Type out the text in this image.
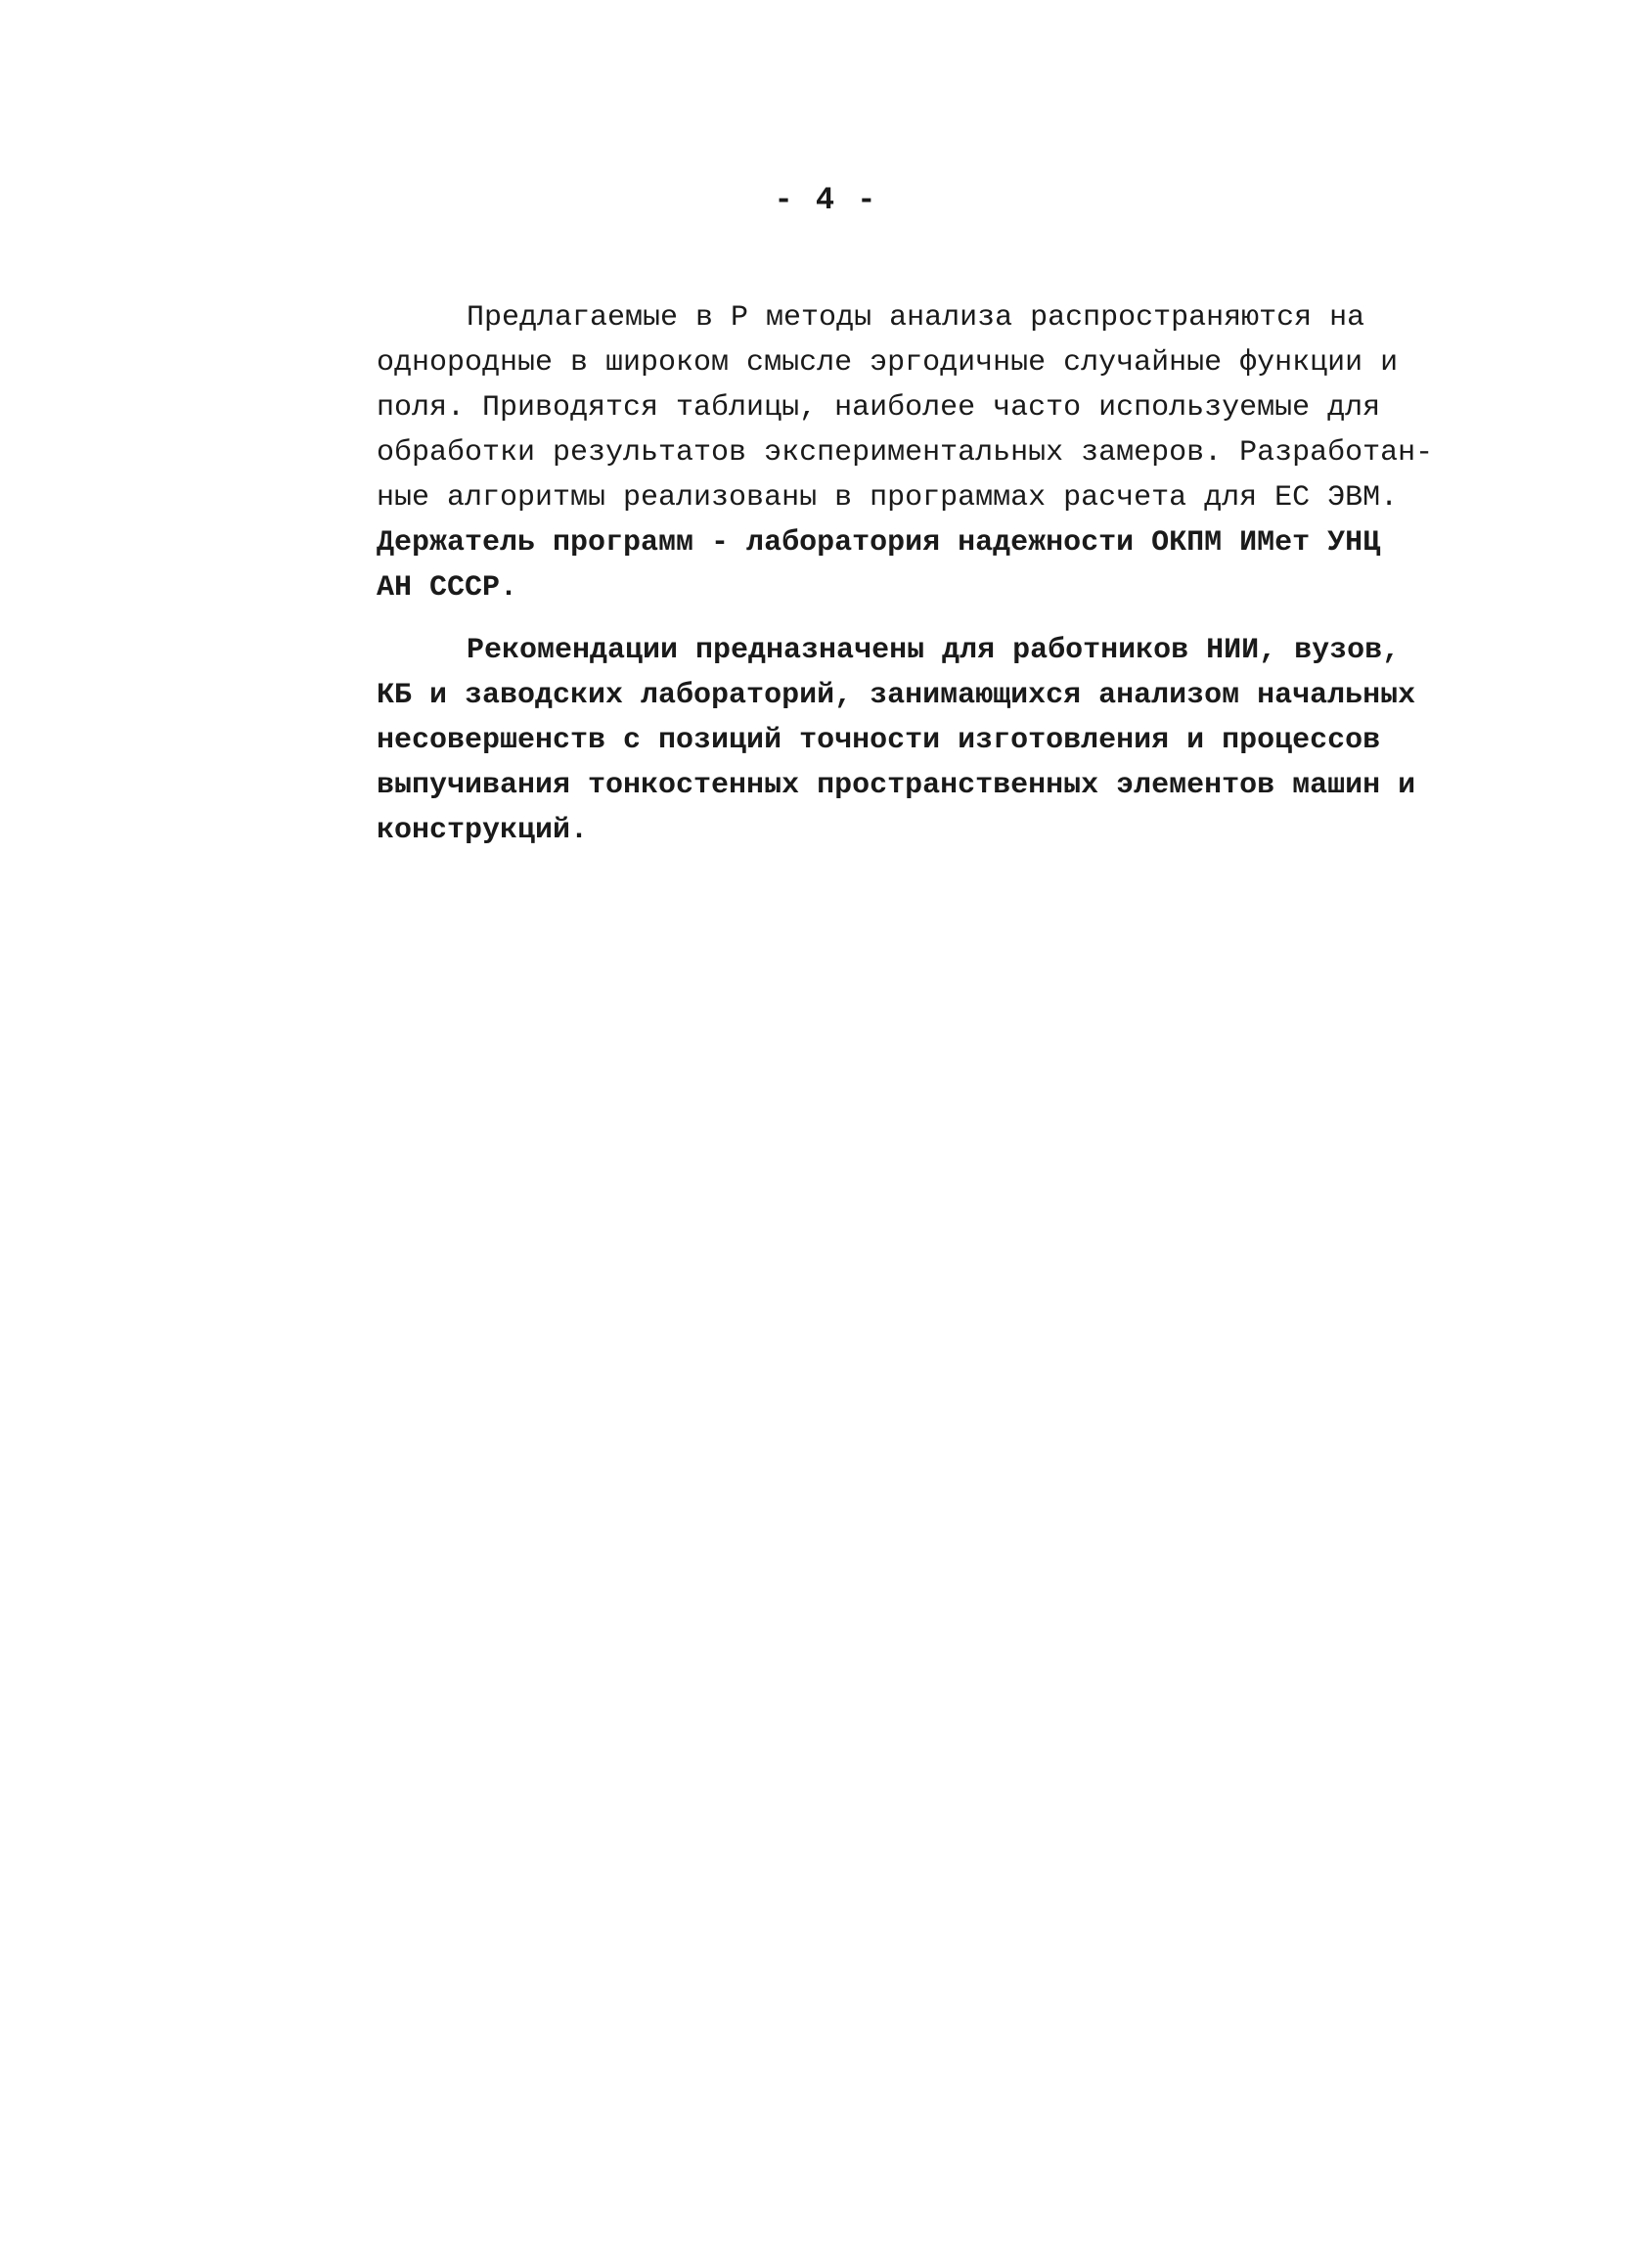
- 4 -

Предлагаемые в Р методы анализа распространяются на
однородные в широком смысле эргодичные случайные функции и
поля. Приводятся таблицы, наиболее часто используемые для
обработки результатов экспериментальных замеров. Разработан-
ные алгоритмы реализованы в программах расчета для ЕС ЭВМ.
Держатель программ - лаборатория надежности ОКПМ ИМет УНЦ
АН СССР.

Рекомендации предназначены для работников НИИ, вузов,
КБ и заводских лабораторий, занимающихся анализом начальных
несовершенств с позиций точности изготовления и процессов
выпучивания тонкостенных пространственных элементов машин и
конструкций.
